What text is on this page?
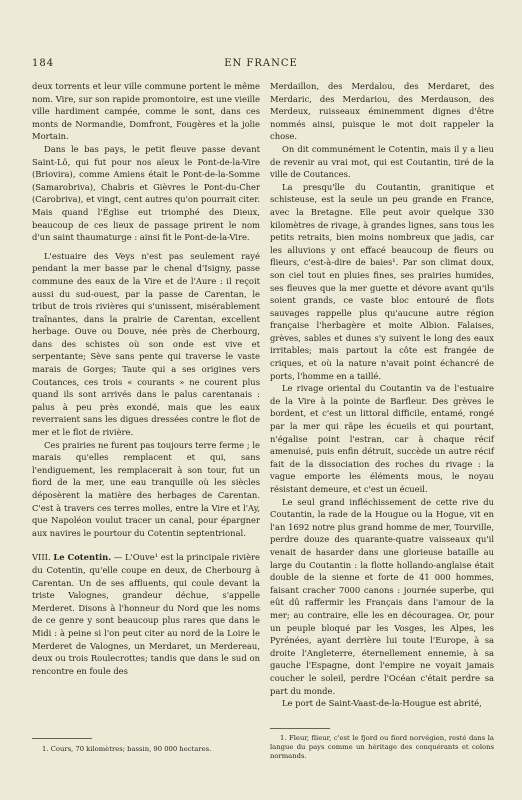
184	EN FRANCE

deux torrents et leur ville commune portent le même nom. Vire, sur son rapide promontoire, est une vieille ville hardiment campée, comme le sont, dans ces monts de Normandie, Domfront, Fougères et la jolie Mortain.

Dans le bas pays, le petit fleuve passe devant Saint-Lô, qui fut pour nos aïeux le Pont-de-la-Vire (Briovira), comme Amiens était le Pont-de-la-Somme (Samarobriva), Chabris et Gièvres le Pont-du-Cher (Carobriva), et vingt, cent autres qu'on pourrait citer. Mais quand l'Église eut triomphé des Dieux, beaucoup de ces lieux de passage prirent le nom d'un saint thaumaturge : ainsi fit le Pont-de-la-Vire.

L'estuaire des Veys n'est pas seulement rayé pendant la mer basse par le chenal d'Isigny, passe commune des eaux de la Vire et de l'Aure : il reçoit aussi du sud-ouest, par la passe de Carentan, le tribut de trois rivières qui s'unissent, misérablement traînantes, dans la prairie de Carentan, excellent herbage. Ouve ou Douve, née près de Cherbourg, dans des schistes où son onde est vive et serpentante; Sève sans pente qui traverse le vaste marais de Gorges; Taute qui a ses origines vers Coutances, ces trois « courants » ne courent plus quand ils sont arrivés dans le palus carentanais : palus à peu près exondé, mais que les eaux reverraient sans les digues dressées contre le flot de mer et le flot de rivière.

Ces prairies ne furent pas toujours terre ferme ; le marais qu'elles remplacent et qui, sans l'endiguement, les remplacerait à son tour, fut un fiord de la mer, une eau tranquille où les siècles déposèrent la matière des herbages de Carentan. C'est à travers ces terres molles, entre la Vire et l'Ay, que Napoléon voulut tracer un canal, pour épargner aux navires le pourtour du Cotentin septentrional.

VIII. Le Cotentin. — L'Ouve¹ est la principale rivière du Cotentin, qu'elle coupe en deux, de Cherbourg à Carentan. Un de ses affluents, qui coule devant la triste Valognes, grandeur déchue, s'appelle Merderet. Disons à l'honneur du Nord que les noms de ce genre y sont beaucoup plus rares que dans le Midi : à peine si l'on peut citer au nord de la Loire le Merderet de Valognes, un Merdaret, un Merdereau, deux ou trois Roulecrottes; tandis que dans le sud on rencontre en foule des

1. Cours, 70 kilomètres; bassin, 90 000 hectares.

Merdaillon, des Merdalou, des Merdaret, des Merdaric, des Merdariou, des Merdauson, des Merdeux, ruisseaux éminemment dignes d'être nommés ainsi, puisque le mot doit rappeler la chose.

On dit communément le Cotentin, mais il y a lieu de revenir au vrai mot, qui est Coutantin, tiré de la ville de Coutances.

La presqu'île du Coutantin, granitique et schisteuse, est la seule un peu grande en France, avec la Bretagne. Elle peut avoir quelque 330 kilomètres de rivage, à grandes lignes, sans tous les petits retraits, bien moins nombreux que jadis, car les alluvions y ont effacé beaucoup de fleurs ou flieurs, c'est-à-dire de baies¹. Par son climat doux, son ciel tout en pluies fines, ses prairies humides, ses fleuves que la mer guette et dévore avant qu'ils soient grands, ce vaste bloc entouré de flots sauvages rappelle plus qu'aucune autre région française l'herbagère et moite Albion. Falaises, grèves, sables et dunes s'y suivent le long des eaux irritables; mais partout la côte est frangée de criques, et où la nature n'avait point échancré de ports, l'homme en a taillé.

Le rivage oriental du Coutantin va de l'estuaire de la Vire à la pointe de Barfleur. Des grèves le bordent, et c'est un littoral difficile, entamé, rongé par la mer qui râpe les écueils et qui pourtant, n'égalise point l'estran, car à chaque récif amenuisé, puis enfin détruit, succède un autre récif fait de la dissociation des roches du rivage : la vague emporte les éléments mous, le noyau résistant demeure, et c'est un écueil.

Le seul grand infléchissement de cette rive du Coutantin, la rade de la Hougue ou la Hogue, vit en l'an 1692 notre plus grand homme de mer, Tourville, perdre douze des quarante-quatre vaisseaux qu'il venait de hasarder dans une glorieuse bataille au large du Coutantin : la flotte hollando-anglaise était double de la sienne et forte de 41 000 hommes, faisant cracher 7000 canons : journée superbe, qui eût dû raffermir les Français dans l'amour de la mer; au contraire, elle les en découragea. Or, pour un peuple bloqué par les Vosges, les Alpes, les Pyrénées, ayant derrière lui toute l'Europe, à sa droite l'Angleterre, éternellement ennemie, à sa gauche l'Espagne, dont l'empire ne voyait jamais coucher le soleil, perdre l'Océan c'était perdre sa part du monde.

Le port de Saint-Vaast-de-la-Hougue est abrité,

1. Fleur, flieur, c'est le fjord ou fiord norvégien, resté dans la langue du pays comme un héritage des conquérants et colons normands.
